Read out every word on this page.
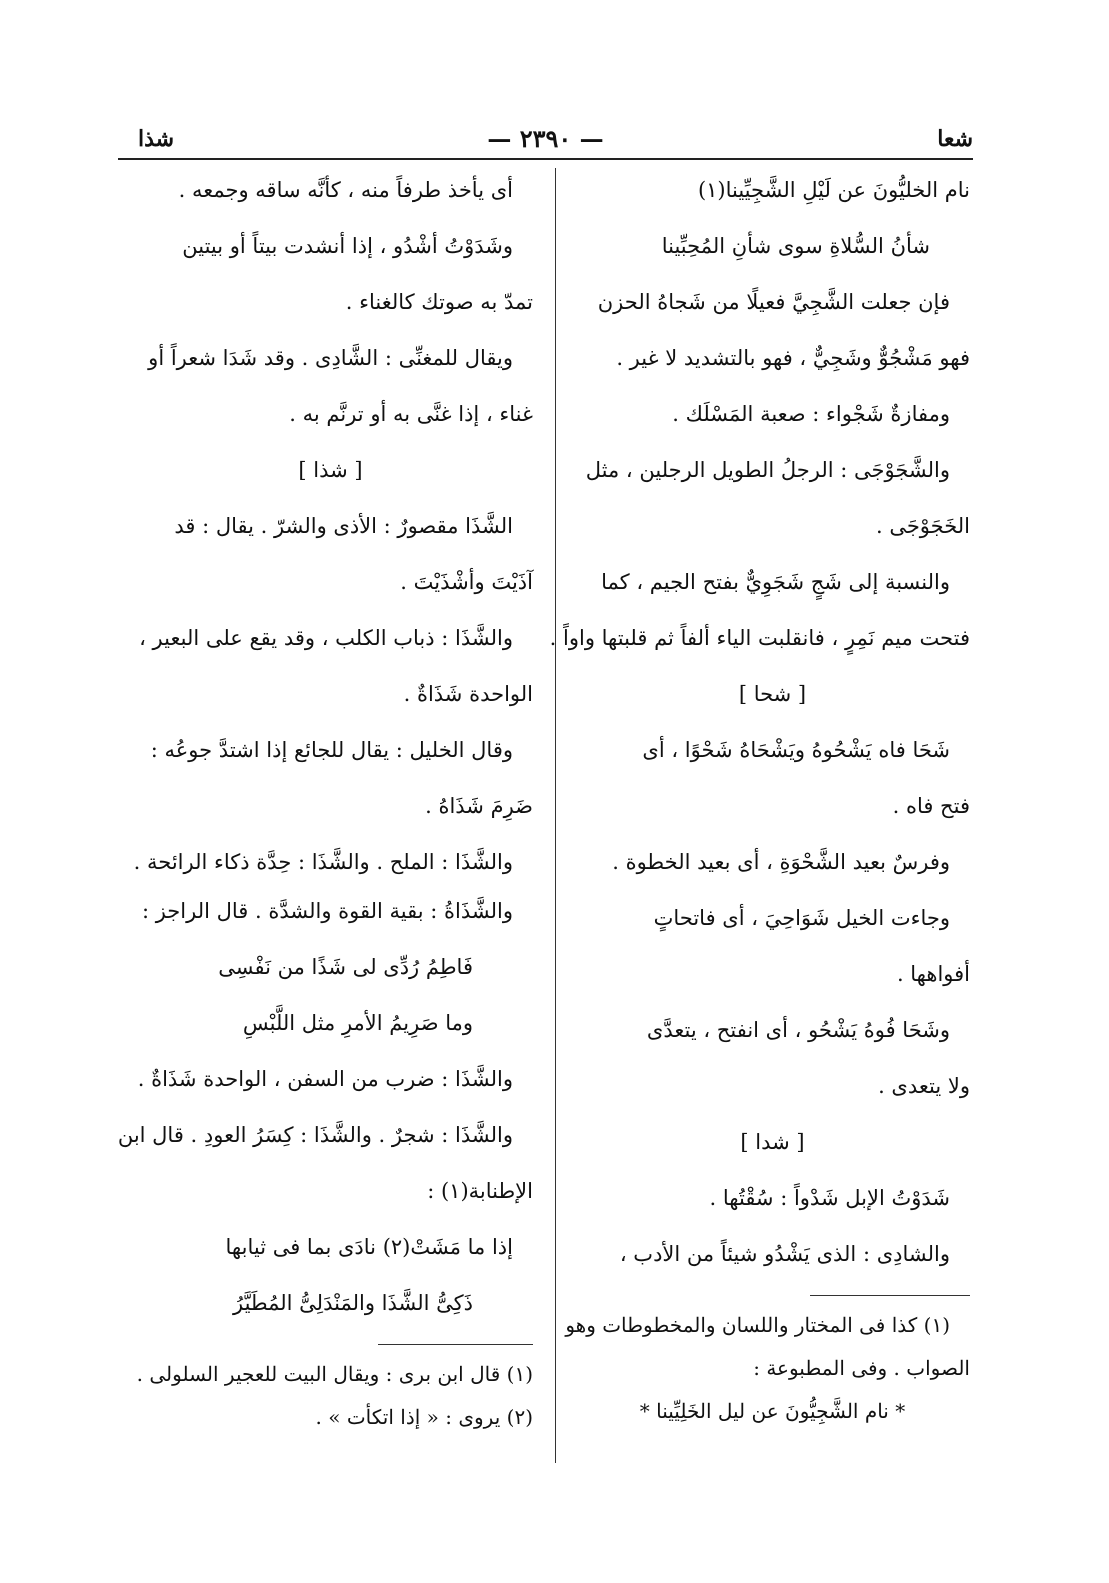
شعا
— ٢٣٩٠ —
شذا
نام الخليُّونَ عن لَيْلِ الشَّجِيِّينا(١)
شأنُ السُّلاةِ سوى شأنِ المُحِبِّينا
فإن جعلت الشَّجِيَّ فعيلًا من شَجاهُ الحزن
فهو مَشْجُوٌّ وشَجِيٌّ ، فهو بالتشديد لا غير .
ومفازةٌ شَجْواء : صعبة المَسْلَك .
والشَّجَوْجَى : الرجلُ الطويل الرجلين ، مثل
الخَجَوْجَى .
والنسبة إلى شَجٍ شَجَوِيٌّ بفتح الجيم ، كما
فتحت ميم نَمِرٍ ، فانقلبت الياء ألفاً ثم قلبتها واواً .
[ شحا ]
شَحَا فاه يَشْحُوهُ ويَشْحَاهُ شَحْوًا ، أى
فتح فاه .
وفرسٌ بعيد الشَّحْوَةِ ، أى بعيد الخطوة .
وجاءت الخيل شَوَاحِيَ ، أى فاتحاتٍ
أفواهها .
وشَحَا فُوهُ يَشْحُو ، أى انفتح ، يتعدَّى
ولا يتعدى .
[ شدا ]
شَدَوْتُ الإبل شَدْواً : سُقْتُها .
والشادِى : الذى يَشْدُو شيئاً من الأدب ،
(١) كذا فى المختار واللسان والمخطوطات وهو
الصواب . وفى المطبوعة :
* نام الشَّجِيُّونَ عن ليل الخَلِيِّينا *
أى يأخذ طرفاً منه ، كأنَّه ساقه وجمعه .
وشَدَوْتُ أشْدُو ، إذا أنشدت بيتاً أو بيتين
تمدّ به صوتك كالغناء .
ويقال للمغنِّى : الشَّادِى . وقد شَدَا شعراً أو
غناء ، إذا غنَّى به أو ترنَّم به .
[ شذا ]
الشَّذَا مقصورٌ : الأذى والشرّ . يقال : قد
آذَيْتَ وأشْذَيْتَ .
والشَّذَا : ذباب الكلب ، وقد يقع على البعير ،
الواحدة شَذَاةٌ .
وقال الخليل : يقال للجائع إذا اشتدَّ جوعُه :
ضَرِمَ شَذَاهُ .
والشَّذَا : الملح . والشَّذَا : حِدَّة ذكاء الرائحة .
والشَّذَاةُ : بقية القوة والشدَّة . قال الراجز :
فَاطِمُ رُدِّى لى شَذًا من نَفْسِى
وما صَرِيمُ الأمرِ مثل اللَّبْسِ
والشَّذَا : ضرب من السفن ، الواحدة شَذَاةٌ .
والشَّذَا : شجرٌ . والشَّذَا : كِسَرُ العودِ . قال ابن
الإطنابة(١) :
إذا ما مَشَتْ(٢) نادَى بما فى ثيابها
ذَكِىُّ الشَّذَا والمَنْدَلِىُّ المُطَيَّرُ
(١) قال ابن برى : ويقال البيت للعجير السلولى .
(٢) يروى : « إذا اتكأت » .
